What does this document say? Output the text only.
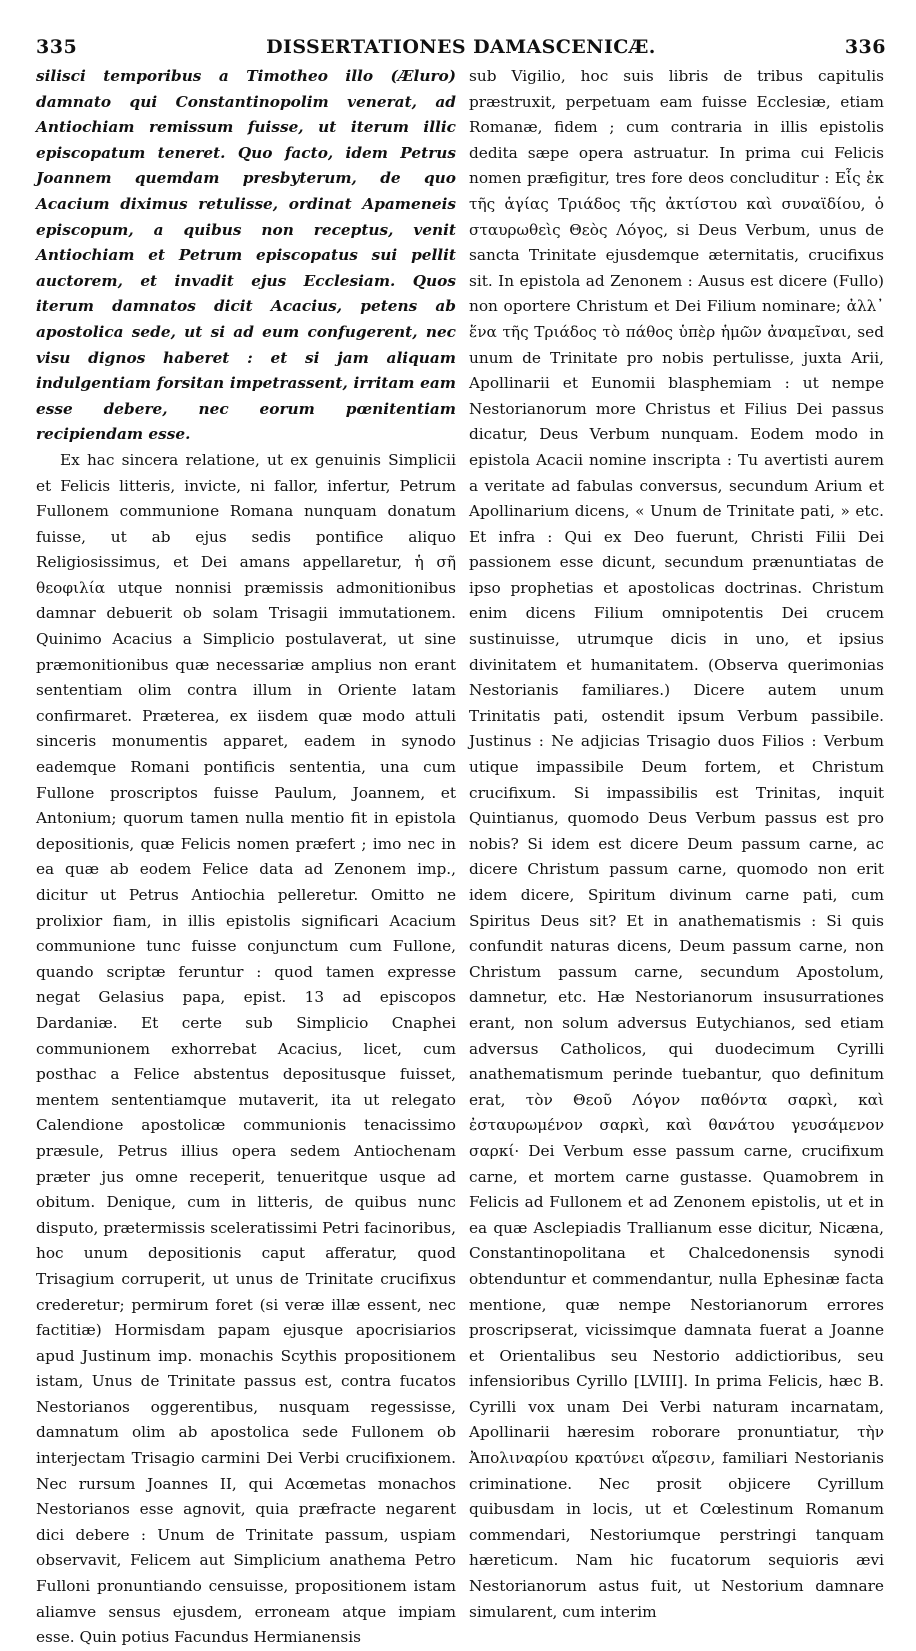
335	DISSERTATIONES DAMASCENICÆ.	336

silisci temporibus a Timotheo illo (Æluro) damnato qui Constantinopolim venerat, ad Antiochiam remissum fuisse, ut iterum illic episcopatum teneret. Quo facto, idem Petrus Joannem quemdam presbyterum, de quo Acacium diximus retulisse, ordinat Apameneis episcopum, a quibus non receptus, venit Antiochiam et Petrum episcopatus sui pellit auctorem, et invadit ejus Ecclesiam. Quos iterum damnatos dicit Acacius, petens ab apostolica sede, ut si ad eum confugerent, nec visu dignos haberet : et si jam aliquam indulgentiam forsitan impetrassent, irritam eam esse debere, nec eorum pœnitentiam recipiendam esse.

Ex hac sincera relatione, ut ex genuinis Simplicii et Felicis litteris, invicte, ni fallor, infertur, Petrum Fullonem communione Romana nunquam donatum fuisse, ut ab ejus sedis pontifice aliquo Religiosissimus, et Dei amans appellaretur, ἡ σῆ θεοφιλία utque nonnisi præmissis admonitionibus damnar debuerit ob solam Trisagii immutationem. Quinimo Acacius a Simplicio postulaverat, ut sine præmonitionibus quæ necessariæ amplius non erant sententiam olim contra illum in Oriente latam confirmaret. Præterea, ex iisdem quæ modo attuli sinceris monumentis apparet, eadem in synodo eademque Romani pontificis sententia, una cum Fullone proscriptos fuisse Paulum, Joannem, et Antonium; quorum tamen nulla mentio fit in epistola depositionis, quæ Felicis nomen præfert ; imo nec in ea quæ ab eodem Felice data ad Zenonem imp., dicitur ut Petrus Antiochia pelleretur. Omitto ne prolixior fiam, in illis epistolis significari Acacium communione tunc fuisse conjunctum cum Fullone, quando scriptæ feruntur : quod tamen expresse negat Gelasius papa, epist. 13 ad episcopos Dardaniæ. Et certe sub Simplicio Cnaphei communionem exhorrebat Acacius, licet, cum posthac a Felice abstentus depositusque fuisset, mentem sententiamque mutaverit, ita ut relegato Calendione apostolicæ communionis tenacissimo præsule, Petrus illius opera sedem Antiochenam præter jus omne receperit, tenueritque usque ad obitum. Denique, cum in litteris, de quibus nunc disputo, prætermissis sceleratissimi Petri facinoribus, hoc unum depositionis caput afferatur, quod Trisagium corruperit, ut unus de Trinitate crucifixus crederetur; permirum foret (si veræ illæ essent, nec factitiæ) Hormisdam papam ejusque apocrisiarios apud Justinum imp. monachis Scythis propositionem istam, Unus de Trinitate passus est, contra fucatos Nestorianos oggerentibus, nusquam regessisse, damnatum olim ab apostolica sede Fullonem ob interjectam Trisagio carmini Dei Verbi crucifixionem. Nec rursum Joannes II, qui Acœmetas monachos Nestorianos esse agnovit, quia præfracte negarent dici debere : Unum de Trinitate passum, uspiam observavit, Felicem aut Simplicium anathema Petro Fulloni pronuntiando censuisse, propositionem istam aliamve sensus ejusdem, erroneam atque impiam esse. Quin potius Facundus Hermianensis

sub Vigilio, hoc suis libris de tribus capitulis præstruxit, perpetuam eam fuisse Ecclesiæ, etiam Romanæ, fidem ; cum contraria in illis epistolis dedita sæpe opera astruatur. In prima cui Felicis nomen præfigitur, tres fore deos concluditur : Εἷς ἐκ τῆς ἁγίας Τριάδος τῆς ἀκτίστου καὶ συναϊδίου, ὁ σταυρωθεὶς Θεὸς Λόγος, si Deus Verbum, unus de sancta Trinitate ejusdemque æternitatis, crucifixus sit. In epistola ad Zenonem : Ausus est dicere (Fullo) non oportere Christum et Dei Filium nominare; ἀλλ᾽ ἕνα τῆς Τριάδος τὸ πάθος ὑπὲρ ἡμῶν ἀναμεῖναι, sed unum de Trinitate pro nobis pertulisse, juxta Arii, Apollinarii et Eunomii blasphemiam : ut nempe Nestorianorum more Christus et Filius Dei passus dicatur, Deus Verbum nunquam. Eodem modo in epistola Acacii nomine inscripta : Tu avertisti aurem a veritate ad fabulas conversus, secundum Arium et Apollinarium dicens, « Unum de Trinitate pati, » etc. Et infra : Qui ex Deo fuerunt, Christi Filii Dei passionem esse dicunt, secundum prænuntiatas de ipso prophetias et apostolicas doctrinas. Christum enim dicens Filium omnipotentis Dei crucem sustinuisse, utrumque dicis in uno, et ipsius divinitatem et humanitatem. (Observa querimonias Nestorianis familiares.) Dicere autem unum Trinitatis pati, ostendit ipsum Verbum passibile. Justinus : Ne adjicias Trisagio duos Filios : Verbum utique impassibile Deum fortem, et Christum crucifixum. Si impassibilis est Trinitas, inquit Quintianus, quomodo Deus Verbum passus est pro nobis? Si idem est dicere Deum passum carne, ac dicere Christum passum carne, quomodo non erit idem dicere, Spiritum divinum carne pati, cum Spiritus Deus sit? Et in anathematismis : Si quis confundit naturas dicens, Deum passum carne, non Christum passum carne, secundum Apostolum, damnetur, etc. Hæ Nestorianorum insusurrationes erant, non solum adversus Eutychianos, sed etiam adversus Catholicos, qui duodecimum Cyrilli anathematismum perinde tuebantur, quo definitum erat, τὸν Θεοῦ Λόγον παθόντα σαρκὶ, καὶ ἐσταυρωμένον σαρκὶ, καὶ θανάτου γευσάμενον σαρκί· Dei Verbum esse passum carne, crucifixum carne, et mortem carne gustasse. Quamobrem in Felicis ad Fullonem et ad Zenonem epistolis, ut et in ea quæ Asclepiadis Trallianum esse dicitur, Nicæna, Constantinopolitana et Chalcedonensis synodi obtenduntur et commendantur, nulla Ephesinæ facta mentione, quæ nempe Nestorianorum errores proscripserat, vicissimque damnata fuerat a Joanne et Orientalibus seu Nestorio addictioribus, seu infensioribus Cyrillo [LVIII]. In prima Felicis, hæc B. Cyrilli vox unam Dei Verbi naturam incarnatam, Apollinarii hæresim roborare pronuntiatur, τὴν Ἀπολιναρίου κρατύνει αἵρεσιν, familiari Nestorianis criminatione. Nec prosit objicere Cyrillum quibusdam in locis, ut et Cœlestinum Romanum commendari, Nestoriumque perstringi tanquam hæreticum. Nam hic fucatorum sequioris ævi Nestorianorum astus fuit, ut Nestorium damnare simularent, cum interim
